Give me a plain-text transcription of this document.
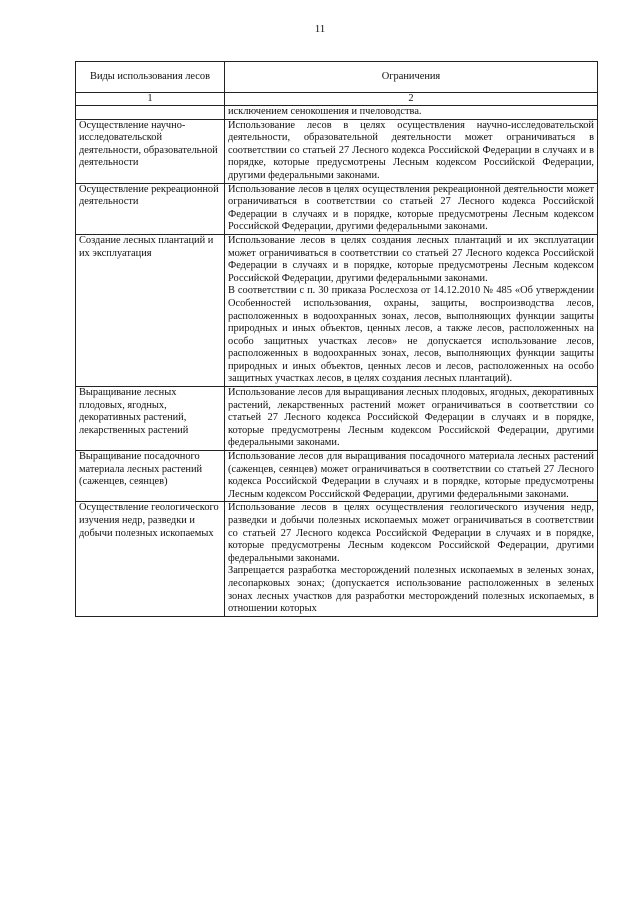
11
Виды использования лесов	Ограничения
1	2

	исключением сенокошения и пчеловодства.

Осуществление научно-исследовательской деятельности, образовательной деятельности	Использование лесов в целях осуществления научно-исследовательской деятельности, образовательной деятельности может ограничиваться в соответствии со статьей 27 Лесного кодекса Российской Федерации в случаях и в порядке, которые предусмотрены Лесным кодексом Российской Федерации, другими федеральными законами.

Осуществление рекреационной деятельности	Использование лесов в целях осуществления рекреационной деятельности может ограничиваться в соответствии со статьей 27 Лесного кодекса Российской Федерации в случаях и в порядке, которые предусмотрены Лесным кодексом Российской Федерации, другими федеральными законами.

Создание лесных плантаций и их эксплуатация	Использование лесов в целях создания лесных плантаций и их эксплуатации может ограничиваться в соответствии со статьей 27 Лесного кодекса Российской Федерации в случаях и в порядке, которые предусмотрены Лесным кодексом Российской Федерации, другими федеральными законами.

В соответствии с п. 30 приказа Рослесхоза от 14.12.2010 № 485 «Об утверждении Особенностей использования, охраны, защиты, воспроизводства лесов, расположенных в водоохранных зонах, лесов, выполняющих функции защиты природных и иных объектов, ценных лесов, а также лесов, расположенных на особо защитных участках лесов» не допускается использование лесов, расположенных в водоохранных зонах, лесов, выполняющих функции защиты природных и иных объектов, ценных лесов и лесов, расположенных на особо защитных участках лесов, в целях создания лесных плантаций).

Выращивание лесных плодовых, ягодных, декоративных растений, лекарственных растений	Использование лесов для выращивания лесных плодовых, ягодных, декоративных растений, лекарственных растений может ограничиваться в соответствии со статьей 27 Лесного кодекса Российской Федерации в случаях и в порядке, которые предусмотрены Лесным кодексом Российской Федерации, другими федеральными законами.

Выращивание посадочного материала лесных растений (саженцев, сеянцев)	Использование лесов для выращивания посадочного материала лесных растений (саженцев, сеянцев) может ограничиваться в соответствии со статьей 27 Лесного кодекса Российской Федерации в случаях и в порядке, которые предусмотрены Лесным кодексом Российской Федерации, другими федеральными законами.

Осуществление геологического изучения недр, разведки и добычи полезных ископаемых	Использование лесов в целях осуществления геологического изучения недр, разведки и добычи полезных ископаемых может ограничиваться в соответствии со статьей 27 Лесного кодекса Российской Федерации в случаях и в порядке, которые предусмотрены Лесным кодексом Российской Федерации, другими федеральными законами.

Запрещается разработка месторождений полезных ископаемых в зеленых зонах, лесопарковых зонах; (допускается использование расположенных в зеленых зонах лесных участков для разработки месторождений полезных ископаемых, в отношении которых
